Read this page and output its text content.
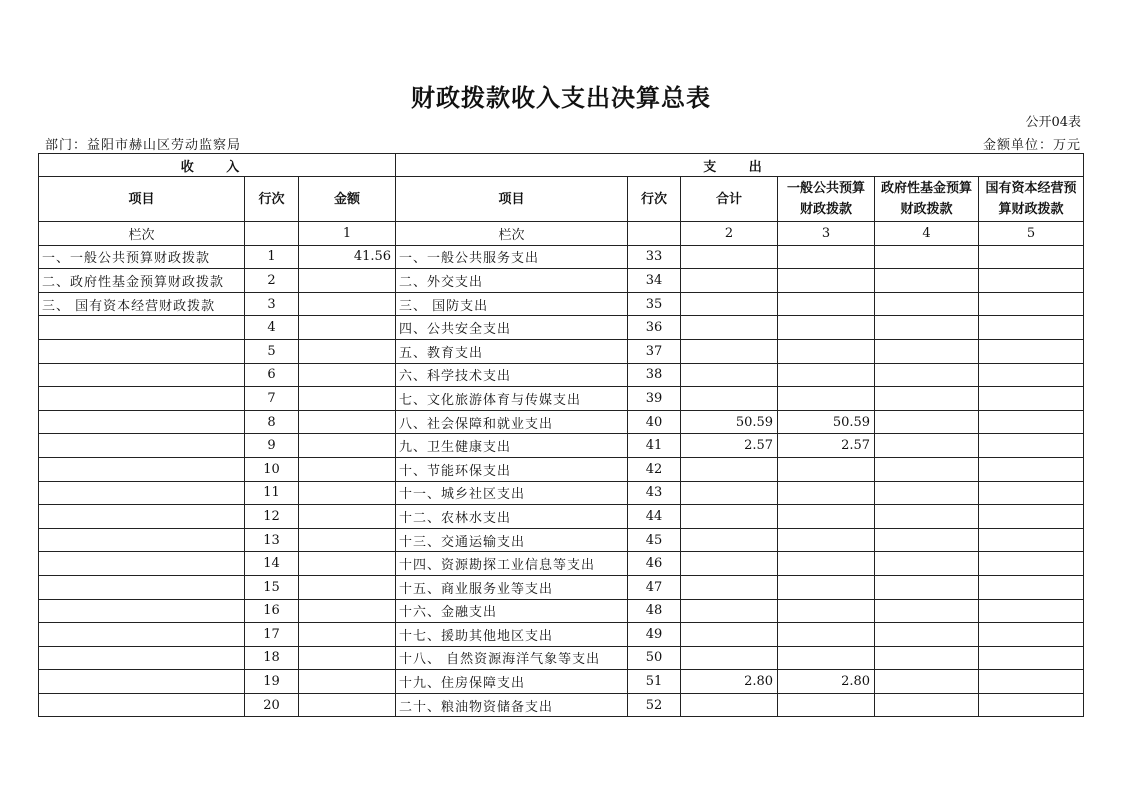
财政拨款收入支出决算总表
公开04表
部门：益阳市赫山区劳动监察局	金额单位：万元
收 入			支 出					
项目	行次	金额	项目	行次	合计	一般公共预算财政拨款	政府性基金预算财政拨款	国有资本经营预算财政拨款
栏次		1	栏次		2	3	4	5
一、一般公共预算财政拨款	1	41.56	一、一般公共服务支出	33				
二、政府性基金预算财政拨款	2		二、外交支出	34				
三、 国有资本经营财政拨款	3		三、 国防支出	35				
	4		四、公共安全支出	36				
	5		五、教育支出	37				
	6		六、科学技术支出	38				
	7		七、文化旅游体育与传媒支出	39				
	8		八、社会保障和就业支出	40	50.59	50.59		
	9		九、卫生健康支出	41	2.57	2.57		
	10		十、节能环保支出	42				
	11		十一、城乡社区支出	43				
	12		十二、农林水支出	44				
	13		十三、交通运输支出	45				
	14		十四、资源勘探工业信息等支出	46				
	15		十五、商业服务业等支出	47				
	16		十六、金融支出	48				
	17		十七、援助其他地区支出	49				
	18		十八、 自然资源海洋气象等支出	50				
	19		十九、住房保障支出	51	2.80	2.80		
	20		二十、粮油物资储备支出	52				
